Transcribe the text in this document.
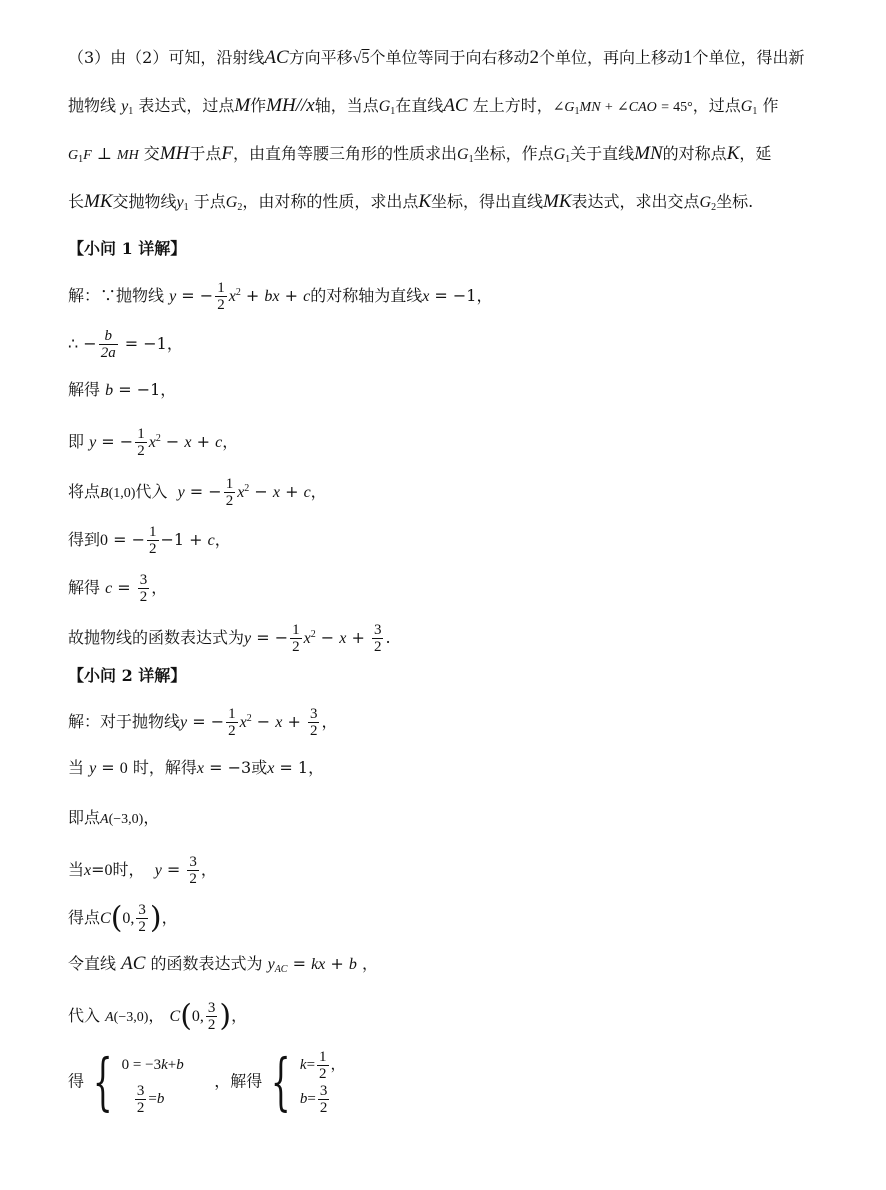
（3）由（2）可知，沿射线AC方向平移√5个单位等同于向右移动2个单位，再向上移动1个单位，得出新
抛物线 $y_1$ 表达式，过点M作MH//x轴，当点$G_1$在直线AC 左上方时，$\angle G_1MN$ + ∠CAO = 45°，过点$G_1$ 作
$G_1F$ ⊥ MH 交MH于点F，由直角等腰三角形的性质求出$G_1$坐标，作点$G_1$关于直线MN的对称点K，延
长MK交抛物线$y_1$ 于点$G_2$，由对称的性质，求出点K坐标，得出直线MK表达式，求出交点$G_2$坐标.
【小问 1 详解】
解：∵抛物线 y = − $\frac{1}{2} x^2$ + bx + c的对称轴为直线x = −1，
∴ − $\frac{b}{2a} = -1$，
解得 b = −1，
即 y = − $\frac{1}{2} x^2 - x + c$，
将点B(1,0)代入 y = − $\frac{1}{2} x^2 - x + c$，
得到0 = − $\frac{1}{2} -1 + c$，
解得 $c = \frac{3}{2}$ ，
故抛物线的函数表达式为y = − $\frac{1}{2} x^2 - x + \frac{3}{2}$ .
【小问 2 详解】
解：对于抛物线y = − $\frac{1}{2} x^2 - x + \frac{3}{2}$ ，
当 y = 0 时，解得x = −3或x = 1，
即点A(−3,0)，
当x=0时， $y = \frac{3}{2}$ ，
得点C(0, $\frac{3}{2}$ )，
令直线 AC 的函数表达式为 $y_{AC}$ = kx + b ，
代入 A(−3,0)， C(0, $\frac{3}{2}$ )，
得 { 0 = −3 k + b

$\frac{3}{2} = b$
，解得 { $k = \frac{1}{2}$ ，
$b = \frac{3}{2}$
